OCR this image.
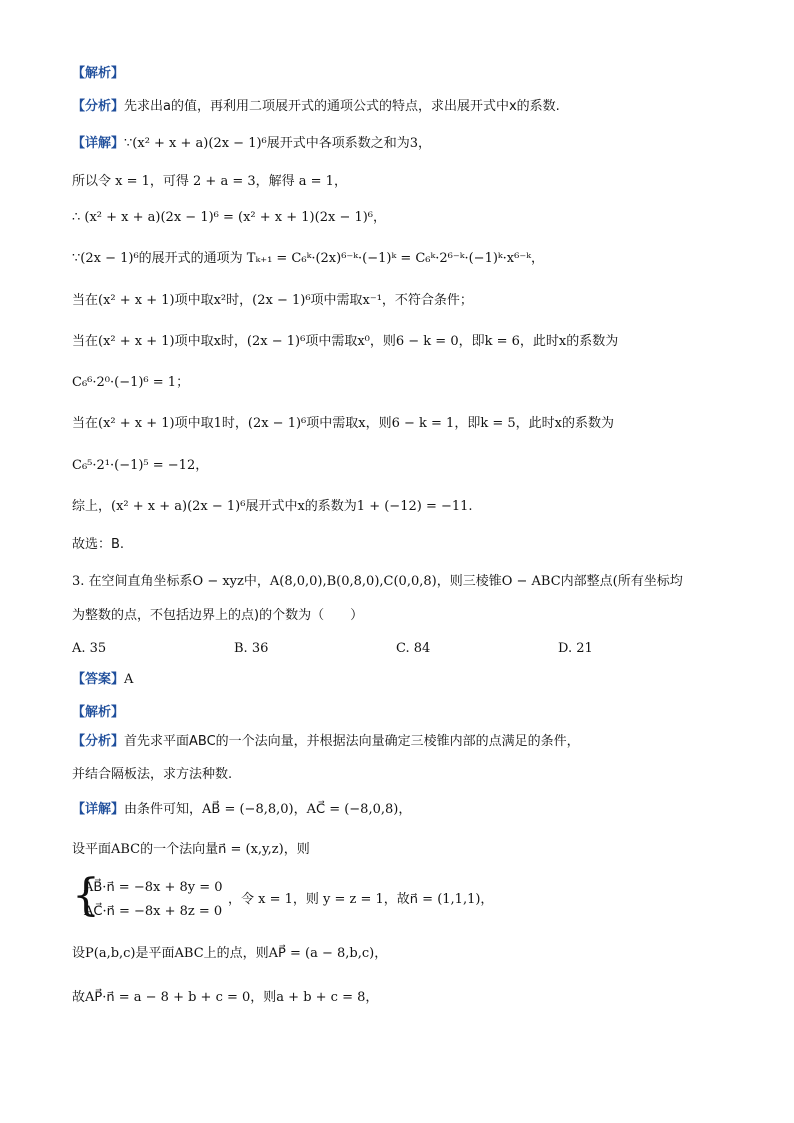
【解析】
【分析】先求出a的值，再利用二项展开式的通项公式的特点，求出展开式中x的系数.
【详解】∵(x² + x + a)(2x − 1)⁶展开式中各项系数之和为3，
所以令 x = 1，可得 2 + a = 3，解得 a = 1，
∴ (x² + x + a)(2x − 1)⁶ = (x² + x + 1)(2x − 1)⁶，
∵(2x − 1)⁶的展开式的通项为 Tₖ₊₁ = C₆ᵏ·(2x)⁶⁻ᵏ·(−1)ᵏ = C₆ᵏ·2⁶⁻ᵏ·(−1)ᵏ·x⁶⁻ᵏ，
当在(x² + x + 1)项中取x²时，(2x − 1)⁶项中需取x⁻¹，不符合条件；
当在(x² + x + 1)项中取x时，(2x − 1)⁶项中需取x⁰，则6 − k = 0，即k = 6，此时x的系数为
C₆⁶·2⁰·(−1)⁶ = 1；
当在(x² + x + 1)项中取1时，(2x − 1)⁶项中需取x，则6 − k = 1，即k = 5，此时x的系数为
C₆⁵·2¹·(−1)⁵ = −12，
综上，(x² + x + a)(2x − 1)⁶展开式中x的系数为1 + (−12) = −11.
故选：B.
3. 在空间直角坐标系O − xyz中，A(8,0,0),B(0,8,0),C(0,0,8)，则三棱锥O − ABC内部整点(所有坐标均
为整数的点，不包括边界上的点)的个数为（　　）
A. 35	B. 36	C. 84	D. 21
【答案】A
【解析】
【分析】首先求平面ABC的一个法向量，并根据法向量确定三棱锥内部的点满足的条件，
并结合隔板法，求方法种数.
【详解】由条件可知，AB⃗ = (−8,8,0)，AC⃗ = (−8,0,8)，
设平面ABC的一个法向量n⃗ = (x,y,z)，则
{
AB⃗·n⃗ = −8x + 8y = 0
AC⃗·n⃗ = −8x + 8z = 0
，令 x = 1，则 y = z = 1，故n⃗ = (1,1,1)，
设P(a,b,c)是平面ABC上的点，则AP⃗ = (a − 8,b,c)，
故AP⃗·n⃗ = a − 8 + b + c = 0，则a + b + c = 8，
